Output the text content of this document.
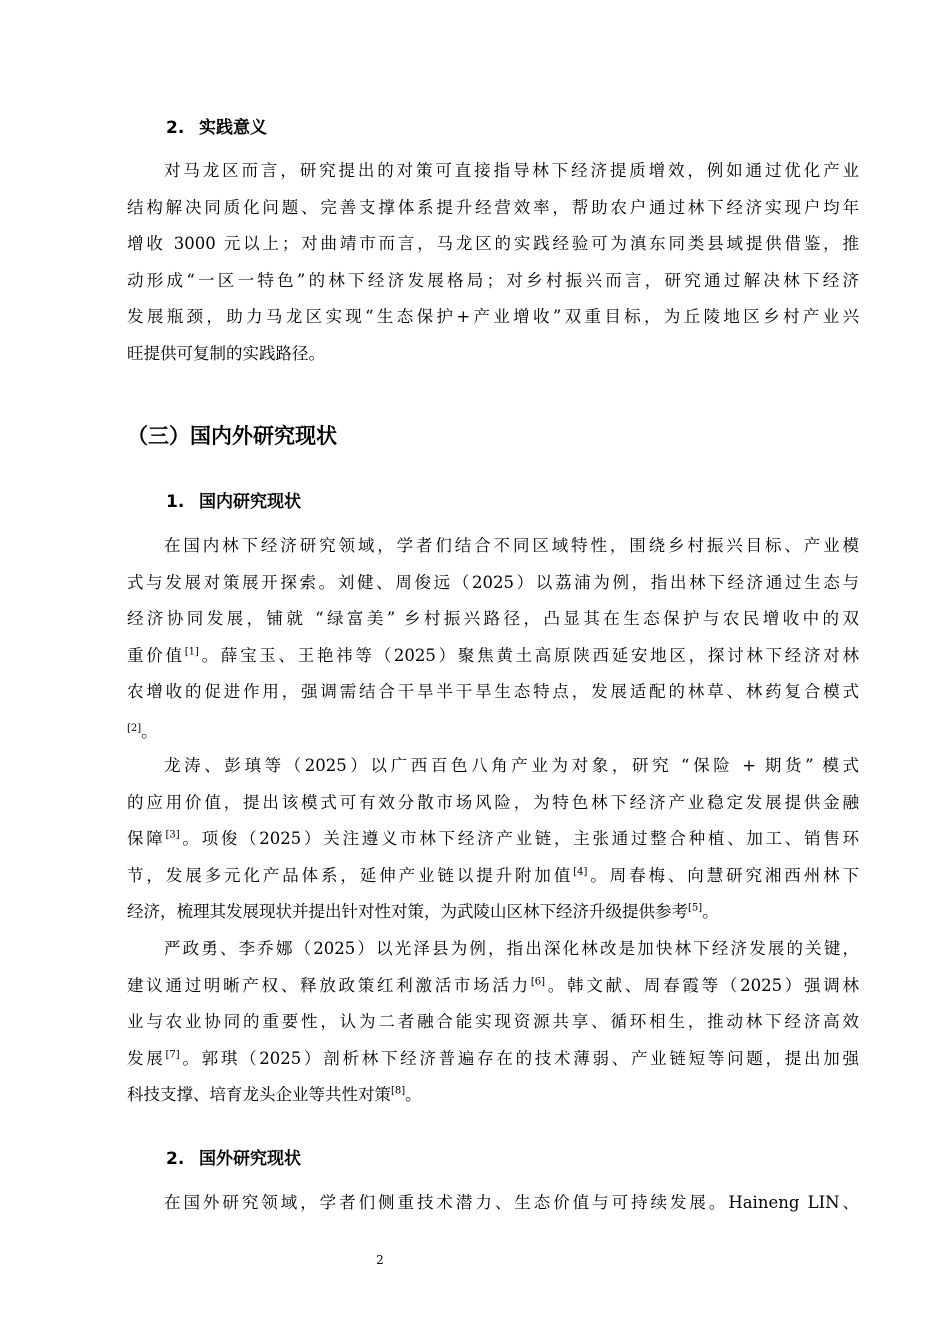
2. 实践意义
对马龙区而言，研究提出的对策可直接指导林下经济提质增效，例如通过优化产业
结构解决同质化问题、完善支撑体系提升经营效率，帮助农户通过林下经济实现户均年
增收 3000 元以上；对曲靖市而言，马龙区的实践经验可为滇东同类县域提供借鉴，推
动形成“一区一特色”的林下经济发展格局；对乡村振兴而言，研究通过解决林下经济
发展瓶颈，助力马龙区实现“生态保护+产业增收”双重目标，为丘陵地区乡村产业兴
旺提供可复制的实践路径。
（三）国内外研究现状
1. 国内研究现状
在国内林下经济研究领域，学者们结合不同区域特性，围绕乡村振兴目标、产业模
式与发展对策展开探索。刘健、周俊远（2025）以荔浦为例，指出林下经济通过生态与
经济协同发展，铺就 “绿富美” 乡村振兴路径，凸显其在生态保护与农民增收中的双
重价值[1]。薛宝玉、王艳祎等（2025）聚焦黄土高原陕西延安地区，探讨林下经济对林
农增收的促进作用，强调需结合干旱半干旱生态特点，发展适配的林草、林药复合模式
[2]。
龙涛、彭瑱等（2025）以广西百色八角产业为对象，研究 “保险 + 期货” 模式
的应用价值，提出该模式可有效分散市场风险，为特色林下经济产业稳定发展提供金融
保障[3]。项俊（2025）关注遵义市林下经济产业链，主张通过整合种植、加工、销售环
节，发展多元化产品体系，延伸产业链以提升附加值[4]。周春梅、向慧研究湘西州林下
经济，梳理其发展现状并提出针对性对策，为武陵山区林下经济升级提供参考[5]。
严政勇、李乔娜（2025）以光泽县为例，指出深化林改是加快林下经济发展的关键，
建议通过明晰产权、释放政策红利激活市场活力[6]。韩文献、周春霞等（2025）强调林
业与农业协同的重要性，认为二者融合能实现资源共享、循环相生，推动林下经济高效
发展[7]。郭琪（2025）剖析林下经济普遍存在的技术薄弱、产业链短等问题，提出加强
科技支撑、培育龙头企业等共性对策[8]。
2. 国外研究现状
在国外研究领域，学者们侧重技术潜力、生态价值与可持续发展。Haineng LIN、
2
